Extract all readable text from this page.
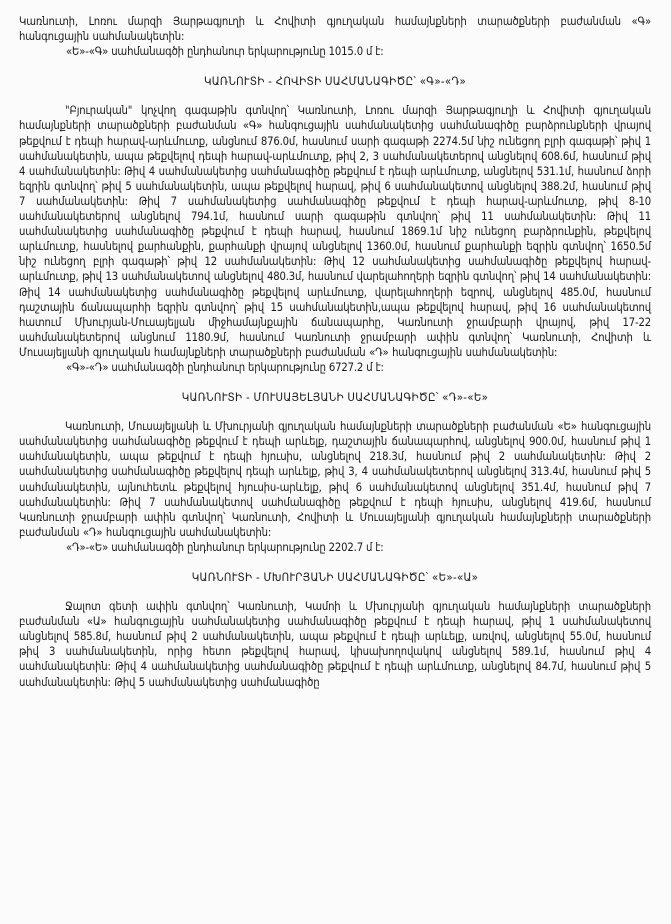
Կառնուտի, Լոռու մարզի Յարթագյուղի և Հովիտի գյուղական համայնքների տարածքների բաժանման «Գ» հանգուցային սահմանակետին:

«Ե»-«Գ» սահմանագծի ընդհանուր երկարությունը 1015.0 մ է:

ԿԱՌՆՈՒՏԻ - ՀՈՎԻՏԻ ՍԱՀՄԱՆԱԳԻԾԸ՝ «Գ»-«Դ»

"Բյուրական" կոչվող գագաթին գտնվող՝ Կառնուտի, Լոռու մարզի Յարթագյուղի և Հովիտի գյուղական համայնքների տարածքների բաժանման «Գ» հանգուցային սահմանակետից սահմանագիծը բարձրունքների վրայով թեքվում է դեպի հարավ-արևմուտք, անցնում 876.0մ, հասնում սարի գագաթի 2274.5մ նիշ ունեցող բլրի գագաթի՝ թիվ 1 սահմանակետին, ապա թեքվելով դեպի հարավ-արևմուտք, թիվ 2, 3 սահմանակետերով անցնելով 608.6մ, հասնում թիվ 4 սահմանակետին: Թիվ 4 սահմանակետից սահմանագիծը թեքվում է դեպի արևմուտք, անցնելով 531.1մ, հասնում ձորի եզրին գտնվող՝ թիվ 5 սահմանակետին, ապա թեքվելով հարավ, թիվ 6 սահմանակետով անցնելով 388.2մ, հասնում թիվ 7 սահմանակետին: Թիվ 7 սահմանակետից սահմանագիծը թեքվում է դեպի հարավ-արևմուտք, թիվ 8-10 սահմանակետերով անցնելով 794.1մ, հասնում սարի գագաթին գտնվող՝ թիվ 11 սահմանակետին: Թիվ 11 սահմանակետից սահմանագիծը թեքվում է դեպի հարավ, հասնում 1869.1մ նիշ ունեցող բարձրունքին, թեքվելով արևմուտք, հասնելով քարհանքին, քարհանքի վրայով անցնելով 1360.0մ, հասնում քարհանքի եզրին գտնվող՝ 1650.5մ նիշ ունեցող բլրի գագաթի՝ թիվ 12 սահմանակետին: Թիվ 12 սահմանակետից սահմանագիծը թեքվելով հարավ-արևմուտք, թիվ 13 սահմանակետով անցնելով 480.3մ, հասնում վարելահողերի եզրին գտնվող՝ թիվ 14 սահմանակետին: Թիվ 14 սահմանակետից սահմանագիծը թեքվելով արևմուտք, վարելահողերի եզրով, անցնելով 485.0մ, հասնում դաշտային ճանապարհի եզրին գտնվող՝ թիվ 15 սահմանակետին,ապա թեքվելով հարավ, թիվ 16 սահմանակետով հատում Մխուրյան-Մուսայելյան միջհամայնքային ճանապարհը, Կառնուտի ջրամբարի վրայով, թիվ 17-22 սահմանակետերով անցնում 1180.9մ, հասնում Կառնուտի ջրամբարի ափին գտնվող՝ Կառնուտի, Հովիտի և Մուսայելյանի գյուղական համայնքների տարածքների բաժանման «Դ» հանգուցային սահմանակետին:

«Գ»-«Դ» սահմանագծի ընդհանուր երկարությունը 6727.2 մ է:

ԿԱՌՆՈՒՏԻ - ՄՈՒՍԱՅԵԼՅԱՆԻ ՍԱՀՄԱՆԱԳԻԾԸ՝ «Դ»-«Ե»

Կառնուտի, Մուսայելյանի և Մխուրյանի գյուղական համայնքների տարածքների բաժանման «Ե» հանգուցային սահմանակետից սահմանագիծը թեքվում է դեպի արևելք, դաշտային ճանապարհով, անցնելով 900.0մ, հասնում թիվ 1 սահմանակետին, ապա թեքվում է դեպի հյուսիս, անցնելով 218.3մ, հասնում թիվ 2 սահմանակետին: Թիվ 2 սահմանակետից սահմանագիծը թեքվելով դեպի արևելք, թիվ 3, 4 սահմանակետերով անցնելով 313.4մ, հասնում թիվ 5 սահմանակետին, այնուհետև թեքվելով հյուսիս-արևելք, թիվ 6 սահմանակետով անցնելով 351.4մ, հասնում թիվ 7 սահմանակետին: Թիվ 7 սահմանակետով սահմանագիծը թեքվում է դեպի հյուսիս, անցնելով 419.6մ, հասնում Կառնուտի ջրամբարի ափին գտնվող՝ Կառնուտի, Հովիտի և Մուսայելյանի գյուղական համայնքների տարածքների բաժանման «Դ» հանգուցային սահմանակետին:

«Դ»-«Ե» սահմանագծի ընդհանուր երկարությունը 2202.7 մ է:

ԿԱՌՆՈՒՏԻ - ՄԽՈՒՐՅԱՆԻ ՍԱՀՄԱՆԱԳԻԾԸ՝ «Ե»-«Ա»

Ջալոտ գետի ափին գտնվող՝ Կառնուտի, Կամոի և Մխուրյանի գյուղական համայնքների տարածքների բաժանման «Ա» հանգուցային սահմանակետից սահմանագիծը թեքվում է դեպի հարավ, թիվ 1 սահմանակետով անցնելով 585.8մ, հասնում թիվ 2 սահմանակետին, ապա թեքվում է դեպի արևելք, առվով, անցնելով 55.0մ, հասնում թիվ 3 սահմանակետին, որից հետո թեքվելով հարավ, կիսախողովակով անցնելով 589.1մ, հասնում թիվ 4 սահմանակետին: Թիվ 4 սահմանակետից սահմանագիծը թեքվում է դեպի արևմուտք, անցնելով 84.7մ, հասնում թիվ 5 սահմանակետին: Թիվ 5 սահմանակետից սահմանագիծը
